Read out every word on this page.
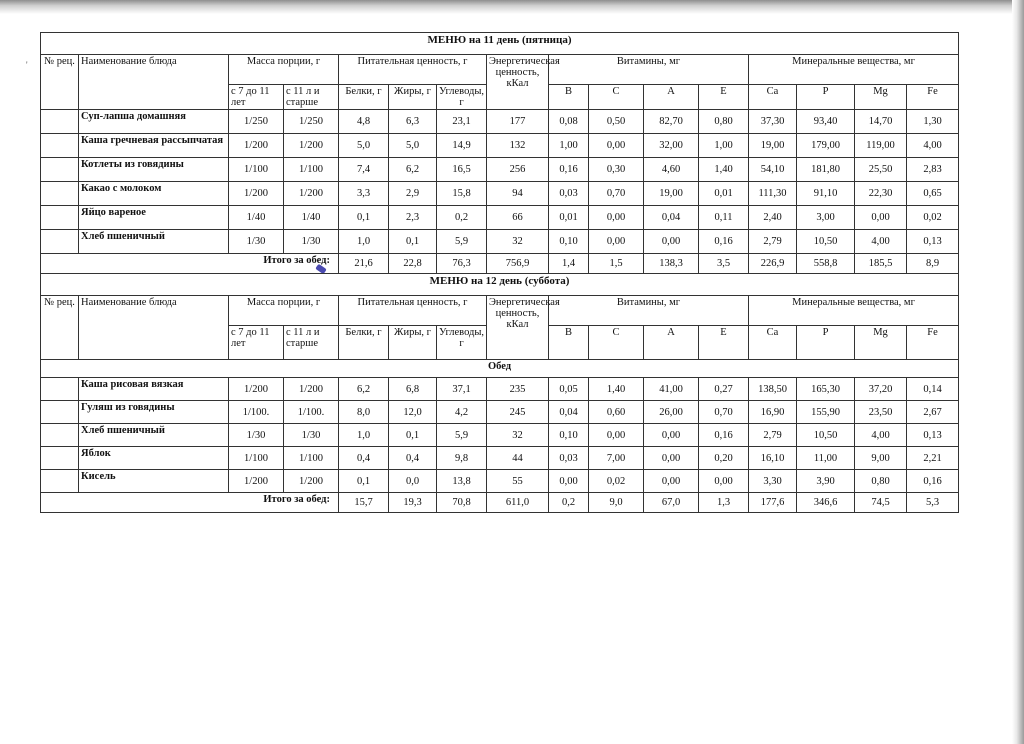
'
МЕНЮ на 11 день (пятница)															
№ рец.	Наименование блюда	Масса порции, г		Питательная ценность, г			Энергетическая ценность, кКал	Витамины, мг				Минеральные вещества, мг			
		с 7 до 11 лет	с 11 л и старше	Белки, г	Жиры, г	Углеводы, г		B	C	A	E	Ca	P	Mg	Fe
	Суп-лапша домашняя	1/250	1/250	4,8	6,3	23,1	177	0,08	0,50	82,70	0,80	37,30	93,40	14,70	1,30
	Каша гречневая рассыпчатая	1/200	1/200	5,0	5,0	14,9	132	1,00	0,00	32,00	1,00	19,00	179,00	119,00	4,00
	Котлеты из говядины	1/100	1/100	7,4	6,2	16,5	256	0,16	0,30	4,60	1,40	54,10	181,80	25,50	2,83
	Какао с молоком	1/200	1/200	3,3	2,9	15,8	94	0,03	0,70	19,00	0,01	111,30	91,10	22,30	0,65
	Яйцо вареное	1/40	1/40	0,1	2,3	0,2	66	0,01	0,00	0,04	0,11	2,40	3,00	0,00	0,02
	Хлеб пшеничный	1/30	1/30	1,0	0,1	5,9	32	0,10	0,00	0,00	0,16	2,79	10,50	4,00	0,13
Итого за обед:				21,6	22,8	76,3	756,9	1,4	1,5	138,3	3,5	226,9	558,8	185,5	8,9
МЕНЮ на 12 день (суббота)															
№ рец.	Наименование блюда	Масса порции, г		Питательная ценность, г			Энергетическая ценность, кКал	Витамины, мг				Минеральные вещества, мг			
		с 7 до 11 лет	с 11 л и старше	Белки, г	Жиры, г	Углеводы, г		B	C	A	E	Ca	P	Mg	Fe
Обед															
	Каша рисовая вязкая	1/200	1/200	6,2	6,8	37,1	235	0,05	1,40	41,00	0,27	138,50	165,30	37,20	0,14
	Гуляш из говядины	1/100.	1/100.	8,0	12,0	4,2	245	0,04	0,60	26,00	0,70	16,90	155,90	23,50	2,67
	Хлеб пшеничный	1/30	1/30	1,0	0,1	5,9	32	0,10	0,00	0,00	0,16	2,79	10,50	4,00	0,13
	Яблок	1/100	1/100	0,4	0,4	9,8	44	0,03	7,00	0,00	0,20	16,10	11,00	9,00	2,21
	Кисель	1/200	1/200	0,1	0,0	13,8	55	0,00	0,02	0,00	0,00	3,30	3,90	0,80	0,16
Итого за обед:				15,7	19,3	70,8	611,0	0,2	9,0	67,0	1,3	177,6	346,6	74,5	5,3
